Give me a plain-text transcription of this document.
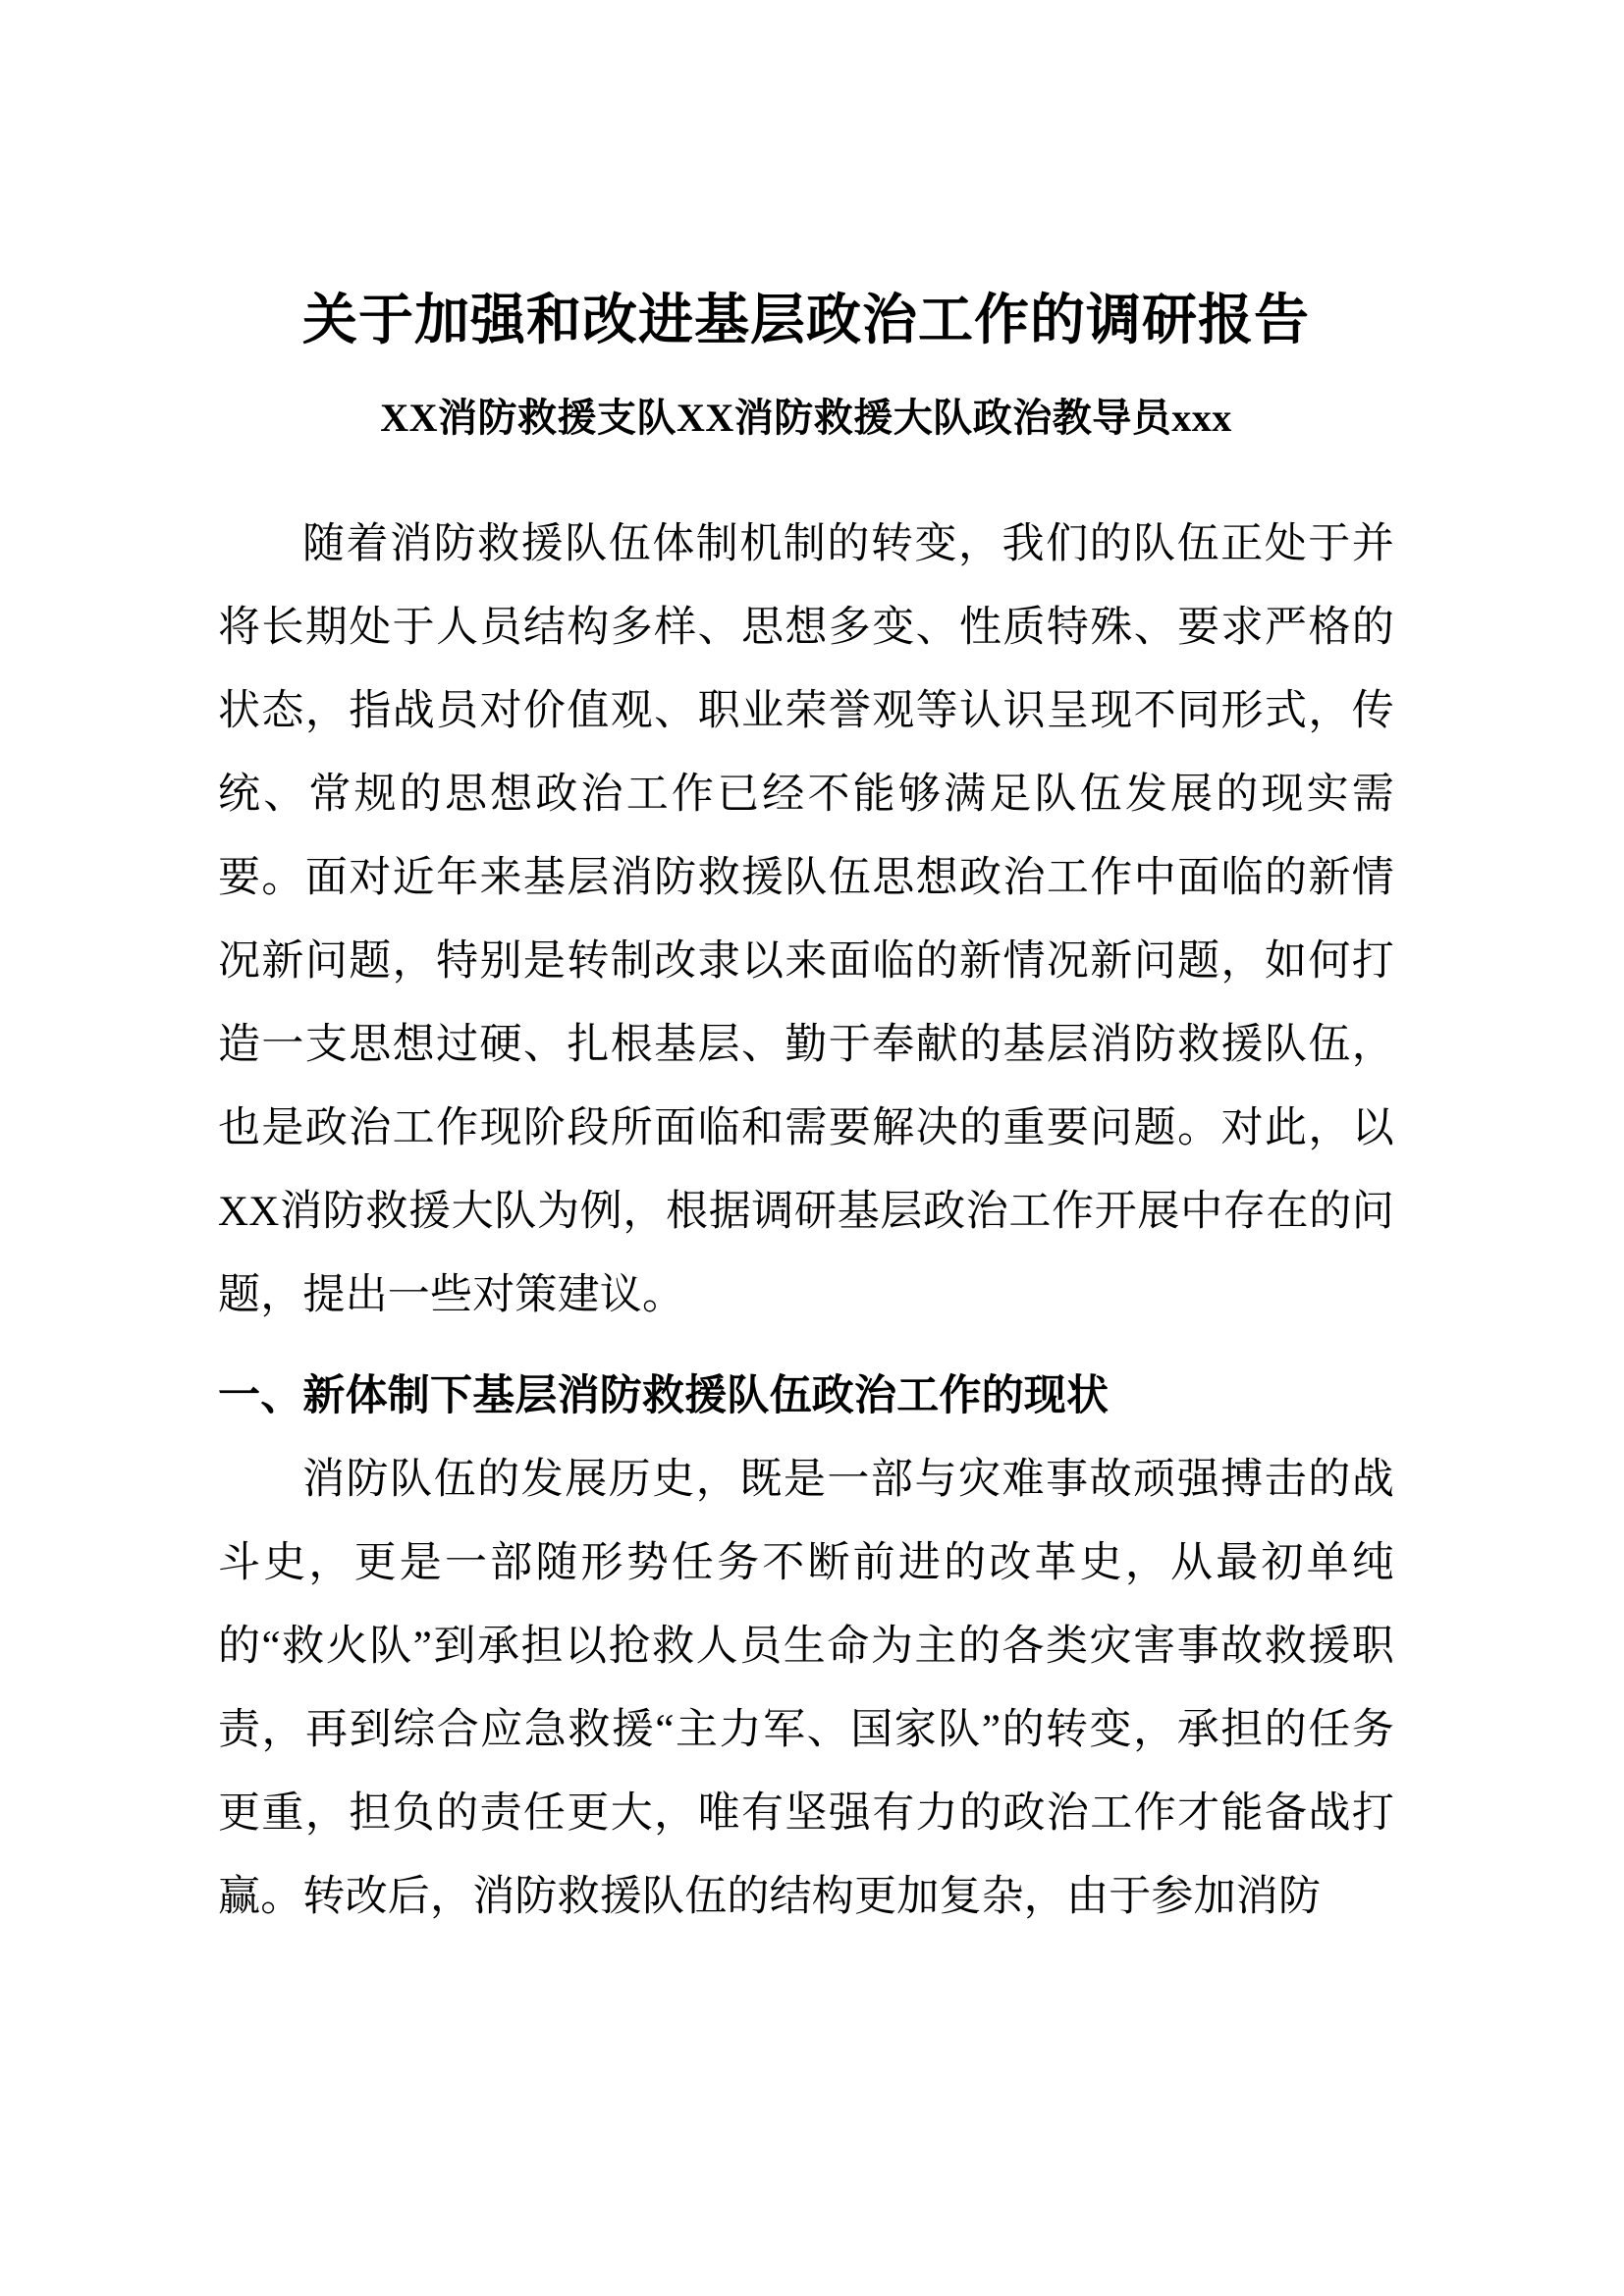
关于加强和改进基层政治工作的调研报告
XX消防救援支队XX消防救援大队政治教导员xxx

随着消防救援队伍体制机制的转变，我们的队伍正处于并将长期处于人员结构多样、思想多变、性质特殊、要求严格的状态，指战员对价值观、职业荣誉观等认识呈现不同形式，传统、常规的思想政治工作已经不能够满足队伍发展的现实需要。面对近年来基层消防救援队伍思想政治工作中面临的新情况新问题，特别是转制改隶以来面临的新情况新问题，如何打造一支思想过硬、扎根基层、勤于奉献的基层消防救援队伍，也是政治工作现阶段所面临和需要解决的重要问题。对此，以XX消防救援大队为例，根据调研基层政治工作开展中存在的问题，提出一些对策建议。

一、新体制下基层消防救援队伍政治工作的现状

消防队伍的发展历史，既是一部与灾难事故顽强搏击的战斗史，更是一部随形势任务不断前进的改革史，从最初单纯的“救火队”到承担以抢救人员生命为主的各类灾害事故救援职责，再到综合应急救援“主力军、国家队”的转变，承担的任务更重，担负的责任更大，唯有坚强有力的政治工作才能备战打赢。转改后，消防救援队伍的结构更加复杂，由于参加消防
